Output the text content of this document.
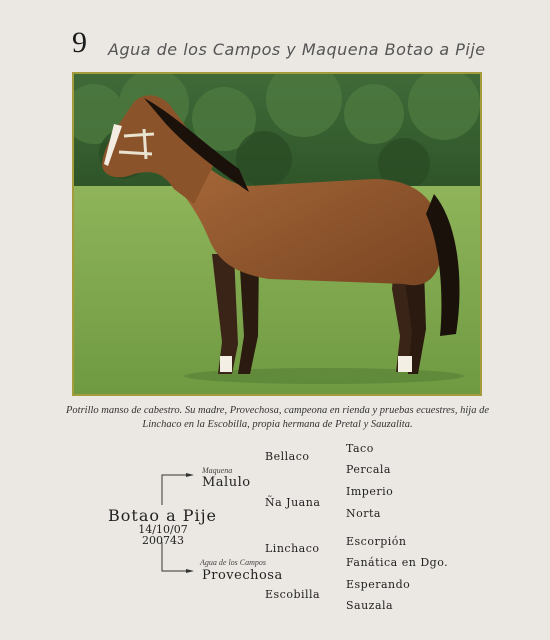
9 Agua de los Campos y Maquena Botao a Pije
Potrillo manso de cabestro. Su madre, Provechosa, campeona en rienda y pruebas ecuestres, hija de Linchaco en la Escobilla, propia hermana de Pretal y Sauzalita.
Botao a Pije
14/10/07
200743
Maquena
Malulo
Agua de los Campos
Provechosa
Bellaco
Ña Juana
Linchaco
Escobilla
Taco
Percala
Imperio
Norta
Escorpión
Fanática en Dgo.
Esperando
Sauzala
